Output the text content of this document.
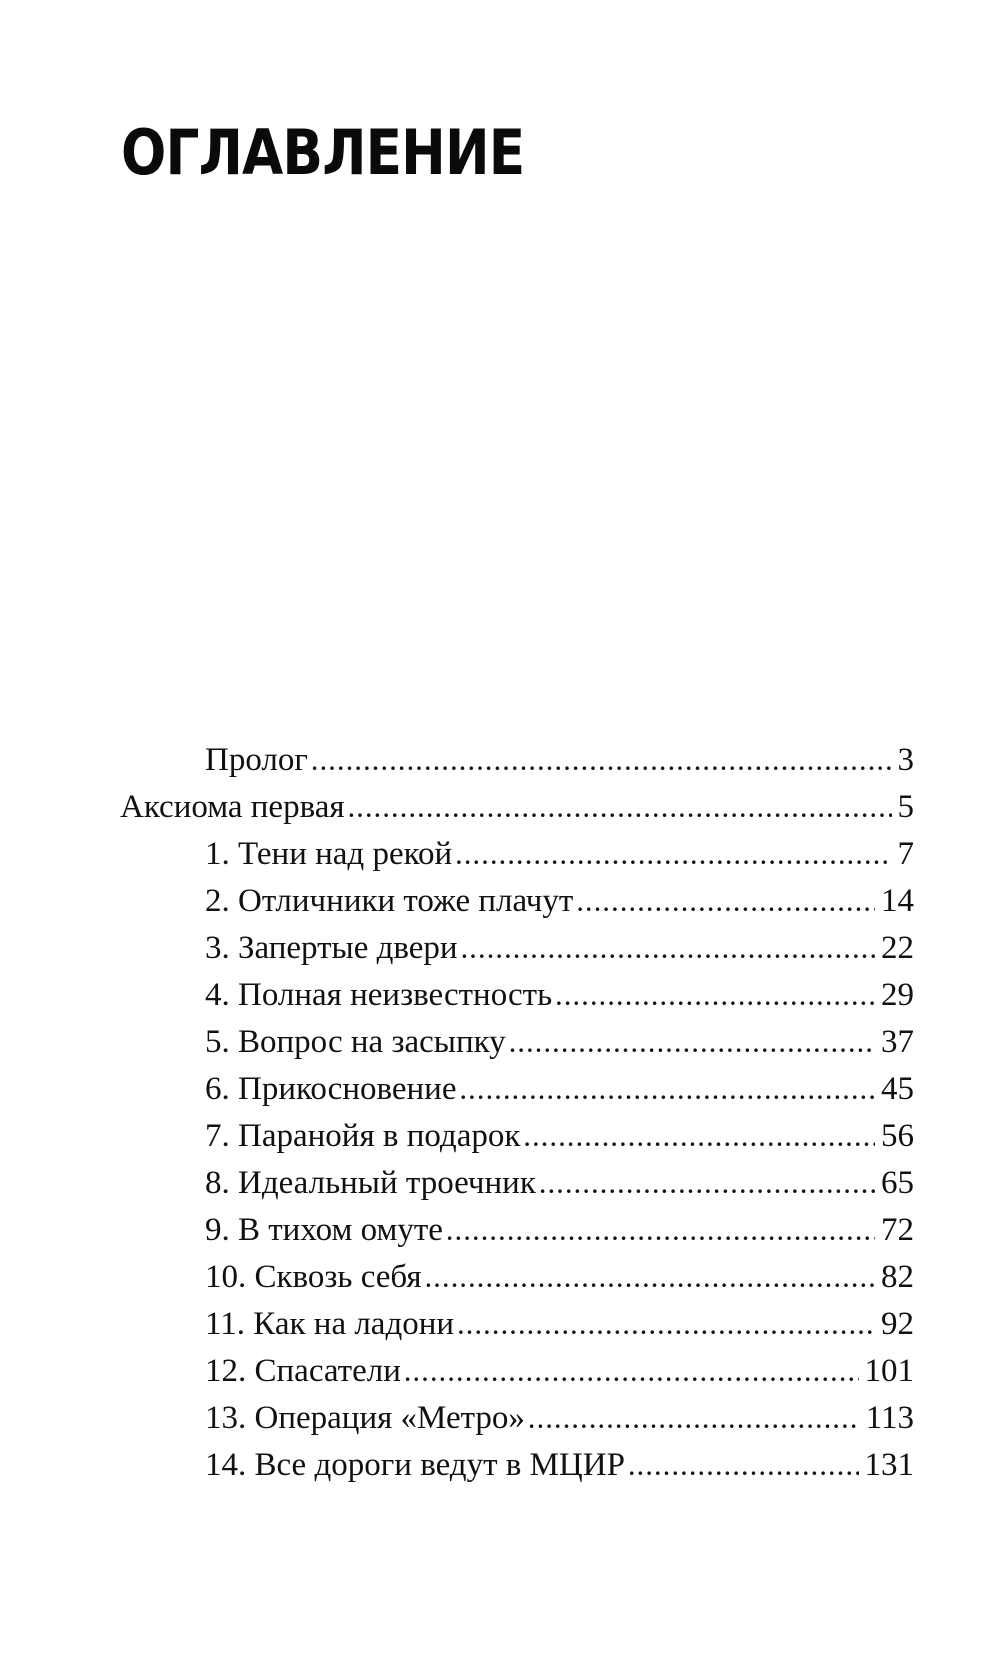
ОГЛАВЛЕНИЕ
Пролог .....	3
Аксиома первая .....	5
1. Тени над рекой .....	7
2. Отличники тоже плачут .....	14
3. Запертые двери .....	22
4. Полная неизвестность .....	29
5. Вопрос на засыпку .....	37
6. Прикосновение .....	45
7. Паранойя в подарок .....	56
8. Идеальный троечник .....	65
9. В тихом омуте .....	72
10. Сквозь себя .....	82
11. Как на ладони .....	92
12. Спасатели .....	101
13. Операция «Метро» .....	113
14. Все дороги ведут в МЦИР .....	131
